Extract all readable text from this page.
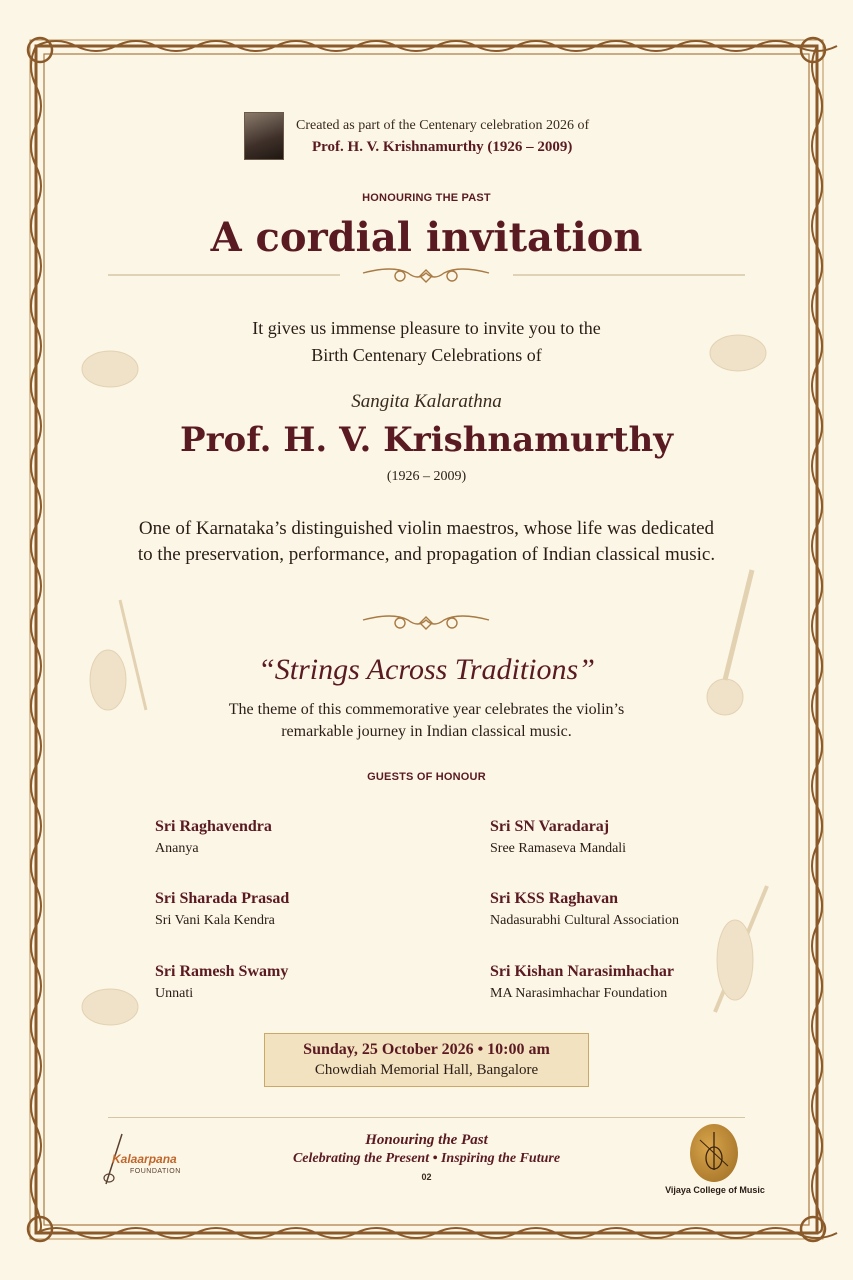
Created as part of the Centenary celebration 2026 of
Prof. H. V. Krishnamurthy (1926 – 2009)
HONOURING THE PAST
A cordial invitation
It gives us immense pleasure to invite you to the
Birth Centenary Celebrations of
Sangita Kalarathna
Prof. H. V. Krishnamurthy
(1926 – 2009)
One of Karnataka’s distinguished violin maestros, whose life was dedicated to the preservation, performance, and propagation of Indian classical music.
“Strings Across Traditions”
The theme of this commemorative year celebrates the violin’s
remarkable journey in Indian classical music.
GUESTS OF HONOUR
Sri Raghavendra
Ananya
Sri SN Varadaraj
Sree Ramaseva Mandali
Sri Sharada Prasad
Sri Vani Kala Kendra
Sri KSS Raghavan
Nadasurabhi Cultural Association
Sri Ramesh Swamy
Unnati
Sri Kishan Narasimhachar
MA Narasimhachar Foundation
Sunday, 25 October 2026 • 10:00 am
Chowdiah Memorial Hall, Bangalore
Kalaarpana
FOUNDATION
Honouring the Past
Celebrating the Present • Inspiring the Future
02
Vijaya College of Music
